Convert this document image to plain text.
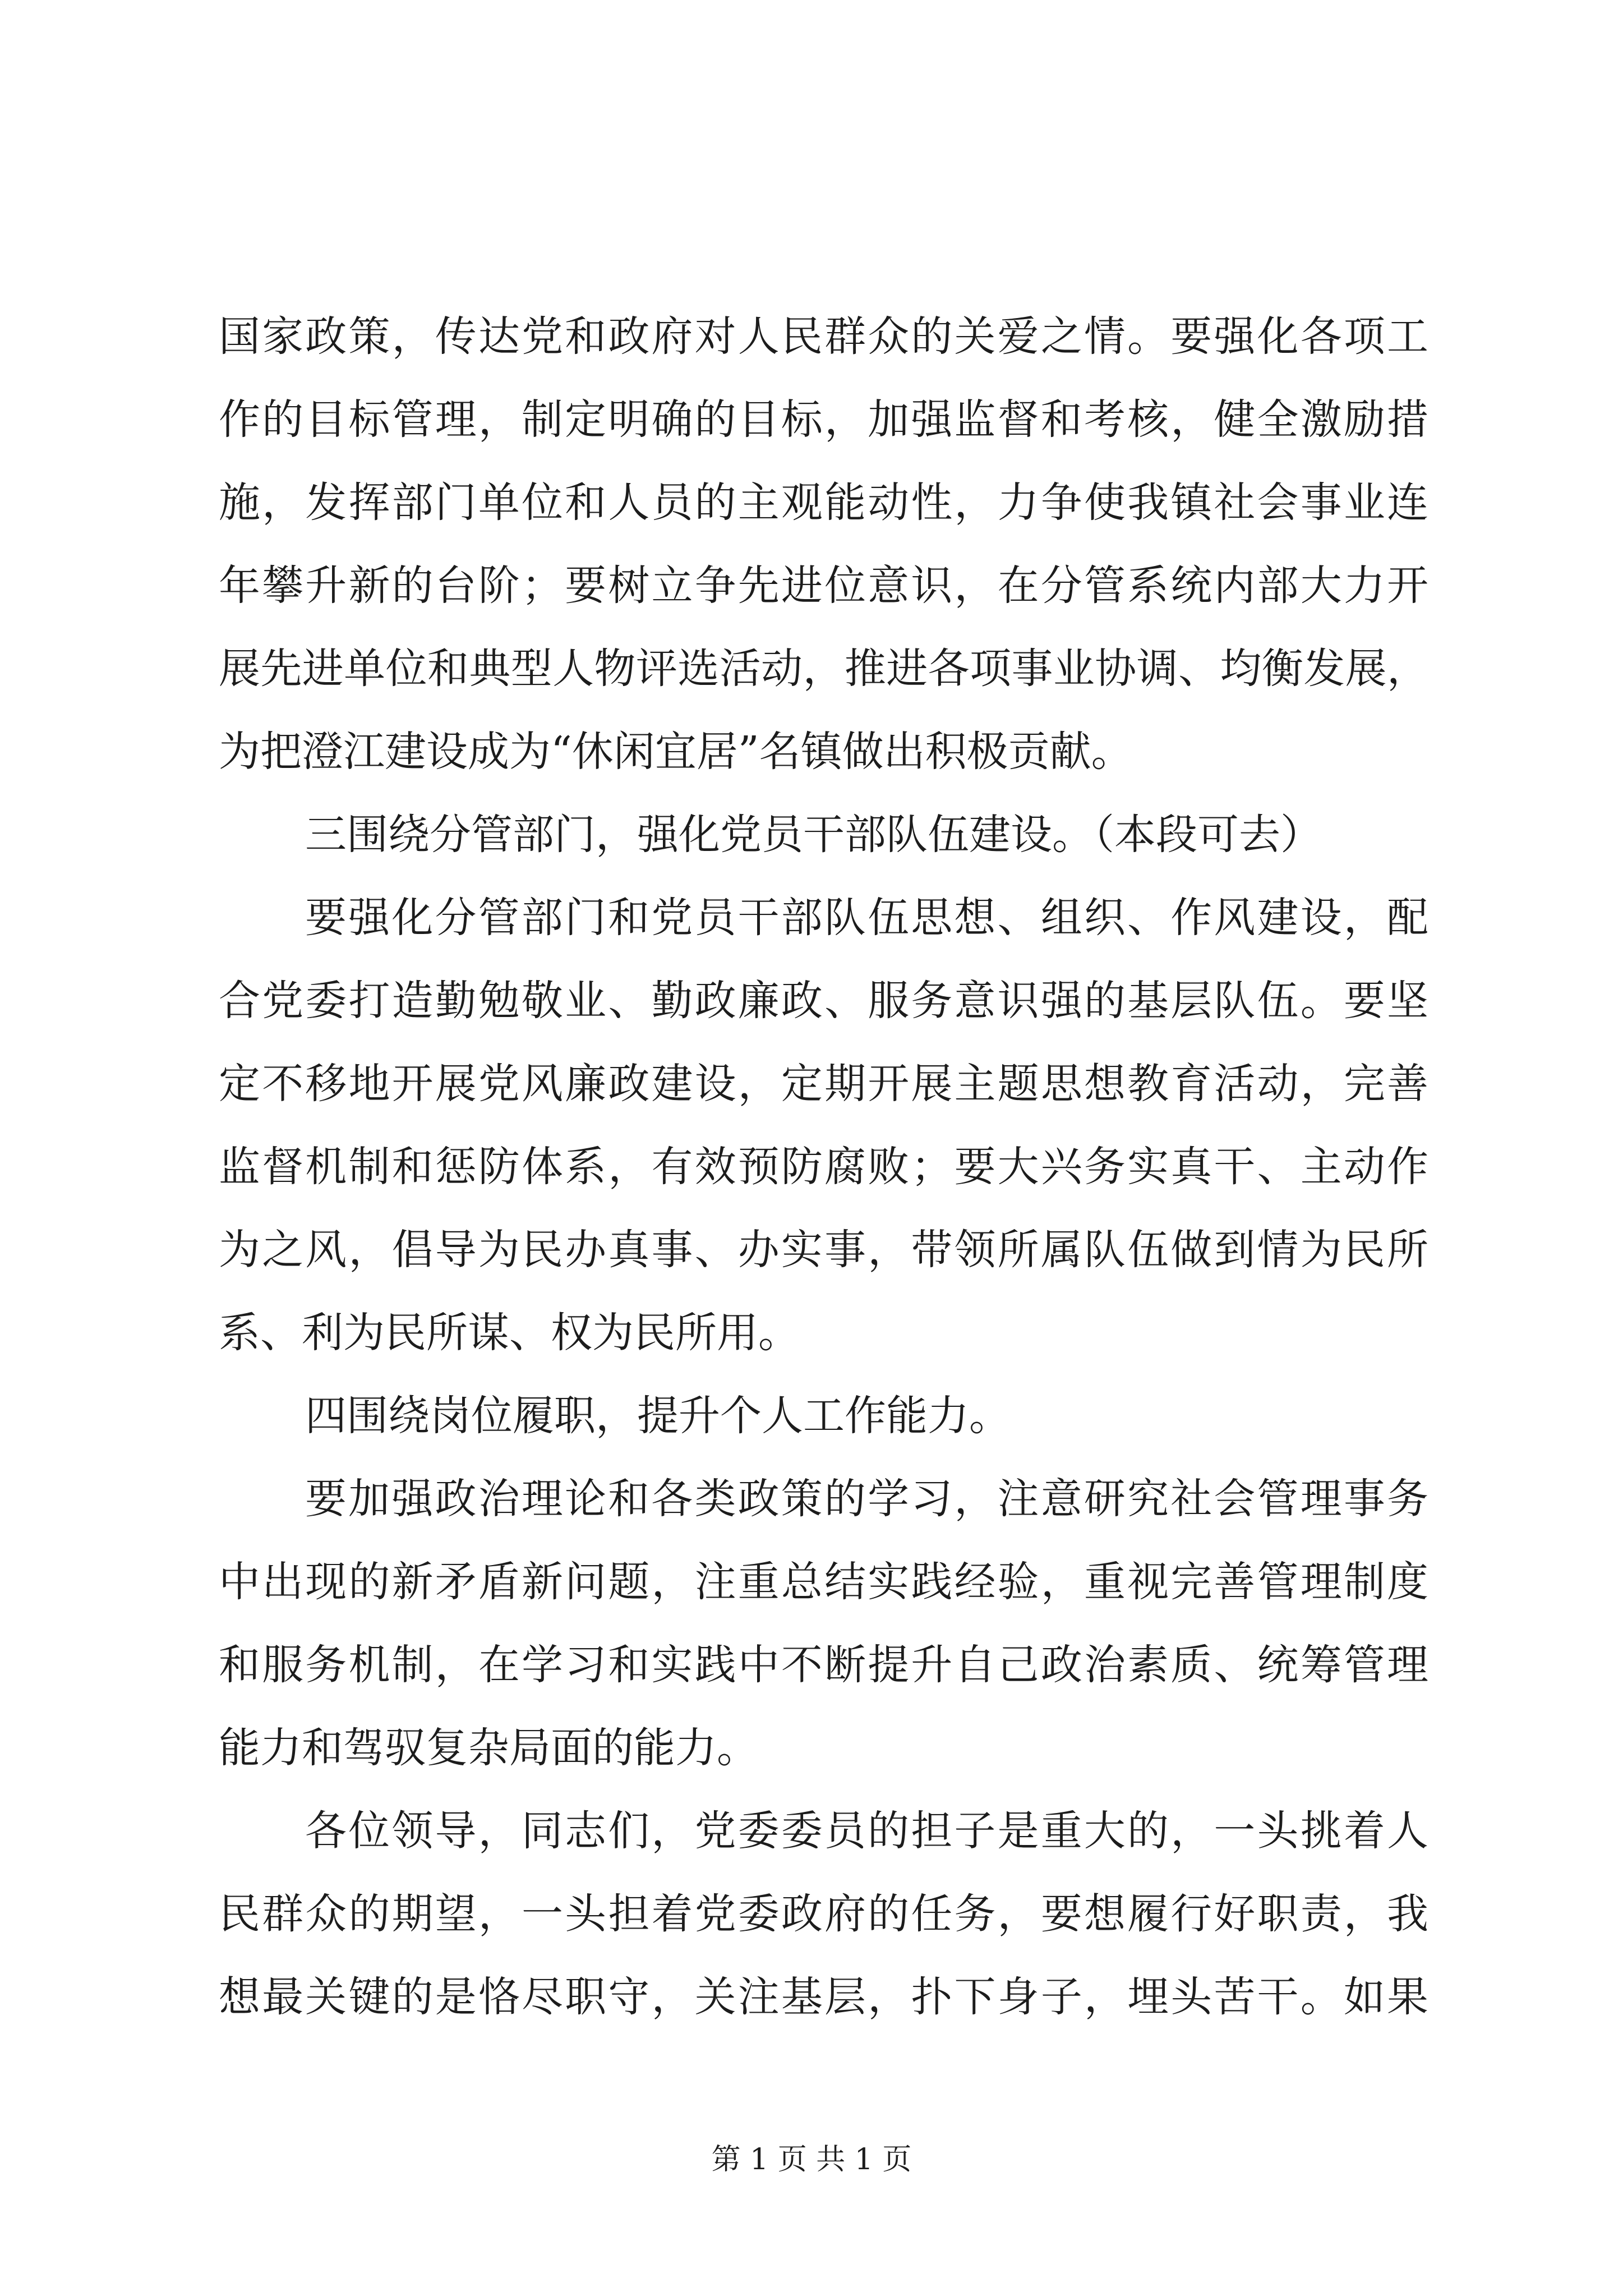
国家政策，传达党和政府对人民群众的关爱之情。要强化各项工
作的目标管理，制定明确的目标，加强监督和考核，健全激励措
施，发挥部门单位和人员的主观能动性，力争使我镇社会事业连
年攀升新的台阶；要树立争先进位意识，在分管系统内部大力开
展先进单位和典型人物评选活动，推进各项事业协调、均衡发展，
为把澄江建设成为“休闲宜居”名镇做出积极贡献。
三围绕分管部门，强化党员干部队伍建设。（本段可去）
要强化分管部门和党员干部队伍思想、组织、作风建设，配
合党委打造勤勉敬业、勤政廉政、服务意识强的基层队伍。要坚
定不移地开展党风廉政建设，定期开展主题思想教育活动，完善
监督机制和惩防体系，有效预防腐败；要大兴务实真干、主动作
为之风，倡导为民办真事、办实事，带领所属队伍做到情为民所
系、利为民所谋、权为民所用。
四围绕岗位履职，提升个人工作能力。
要加强政治理论和各类政策的学习，注意研究社会管理事务
中出现的新矛盾新问题，注重总结实践经验，重视完善管理制度
和服务机制，在学习和实践中不断提升自己政治素质、统筹管理
能力和驾驭复杂局面的能力。
各位领导，同志们，党委委员的担子是重大的，一头挑着人
民群众的期望，一头担着党委政府的任务，要想履行好职责，我
想最关键的是恪尽职守，关注基层，扑下身子，埋头苦干。如果
第 1 页 共 1 页
